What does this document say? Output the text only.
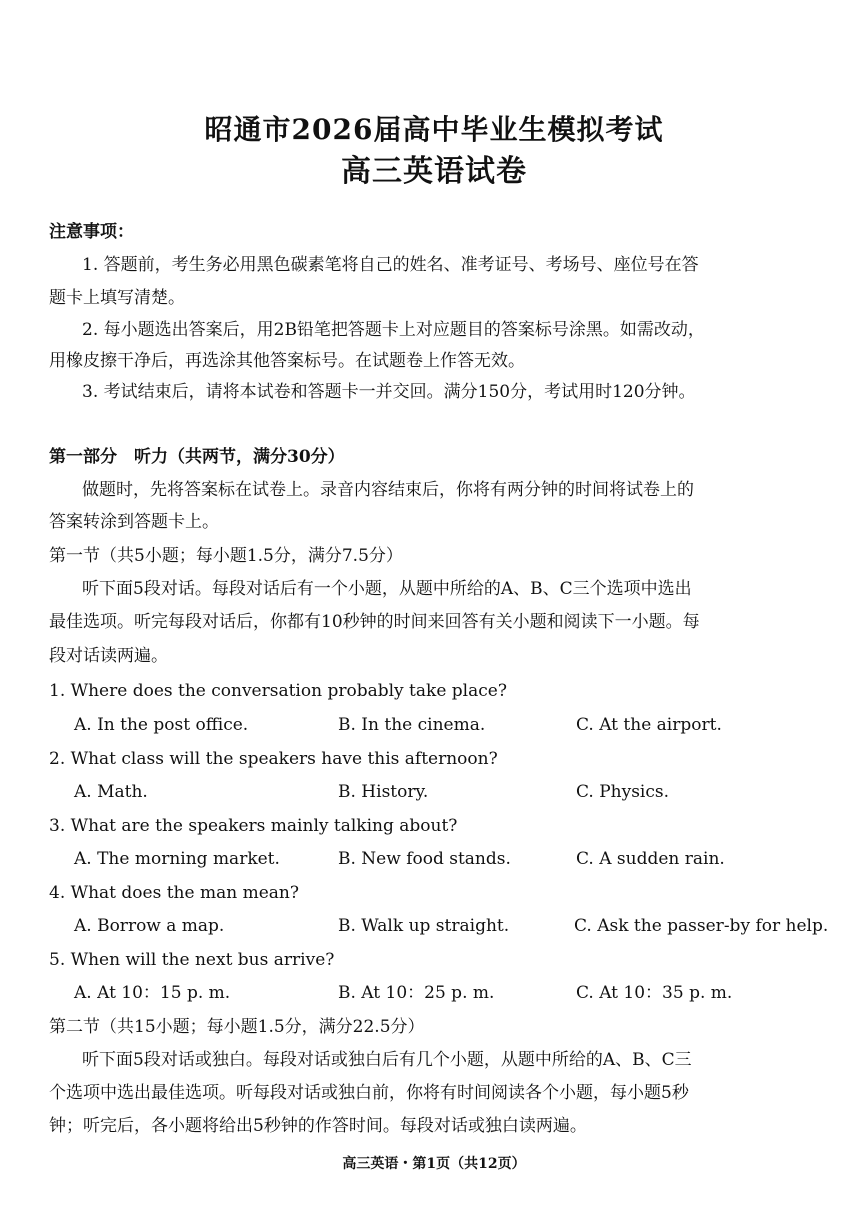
昭通市2026届高中毕业生模拟考试
高三英语试卷
注意事项：
1. 答题前，考生务必用黑色碳素笔将自己的姓名、准考证号、考场号、座位号在答
题卡上填写清楚。
2. 每小题选出答案后，用2B铅笔把答题卡上对应题目的答案标号涂黑。如需改动，
用橡皮擦干净后，再选涂其他答案标号。在试题卷上作答无效。
3. 考试结束后，请将本试卷和答题卡一并交回。满分150分，考试用时120分钟。
第一部分　听力（共两节，满分30分）
做题时，先将答案标在试卷上。录音内容结束后，你将有两分钟的时间将试卷上的
答案转涂到答题卡上。
第一节（共5小题；每小题1.5分，满分7.5分）
听下面5段对话。每段对话后有一个小题，从题中所给的A、B、C三个选项中选出
最佳选项。听完每段对话后，你都有10秒钟的时间来回答有关小题和阅读下一小题。每
段对话读两遍。
1. Where does the conversation probably take place?
A. In the post office.	B. In the cinema.	C. At the airport.
2. What class will the speakers have this afternoon?
A. Math.	B. History.	C. Physics.
3. What are the speakers mainly talking about?
A. The morning market.	B. New food stands.	C. A sudden rain.
4. What does the man mean?
A. Borrow a map.	B. Walk up straight.	C. Ask the passer-by for help.
5. When will the next bus arrive?
A. At 10：15 p. m.	B. At 10：25 p. m.	C. At 10：35 p. m.
第二节（共15小题；每小题1.5分，满分22.5分）
听下面5段对话或独白。每段对话或独白后有几个小题，从题中所给的A、B、C三
个选项中选出最佳选项。听每段对话或独白前，你将有时间阅读各个小题，每小题5秒
钟；听完后，各小题将给出5秒钟的作答时间。每段对话或独白读两遍。
高三英语・第1页（共12页）
